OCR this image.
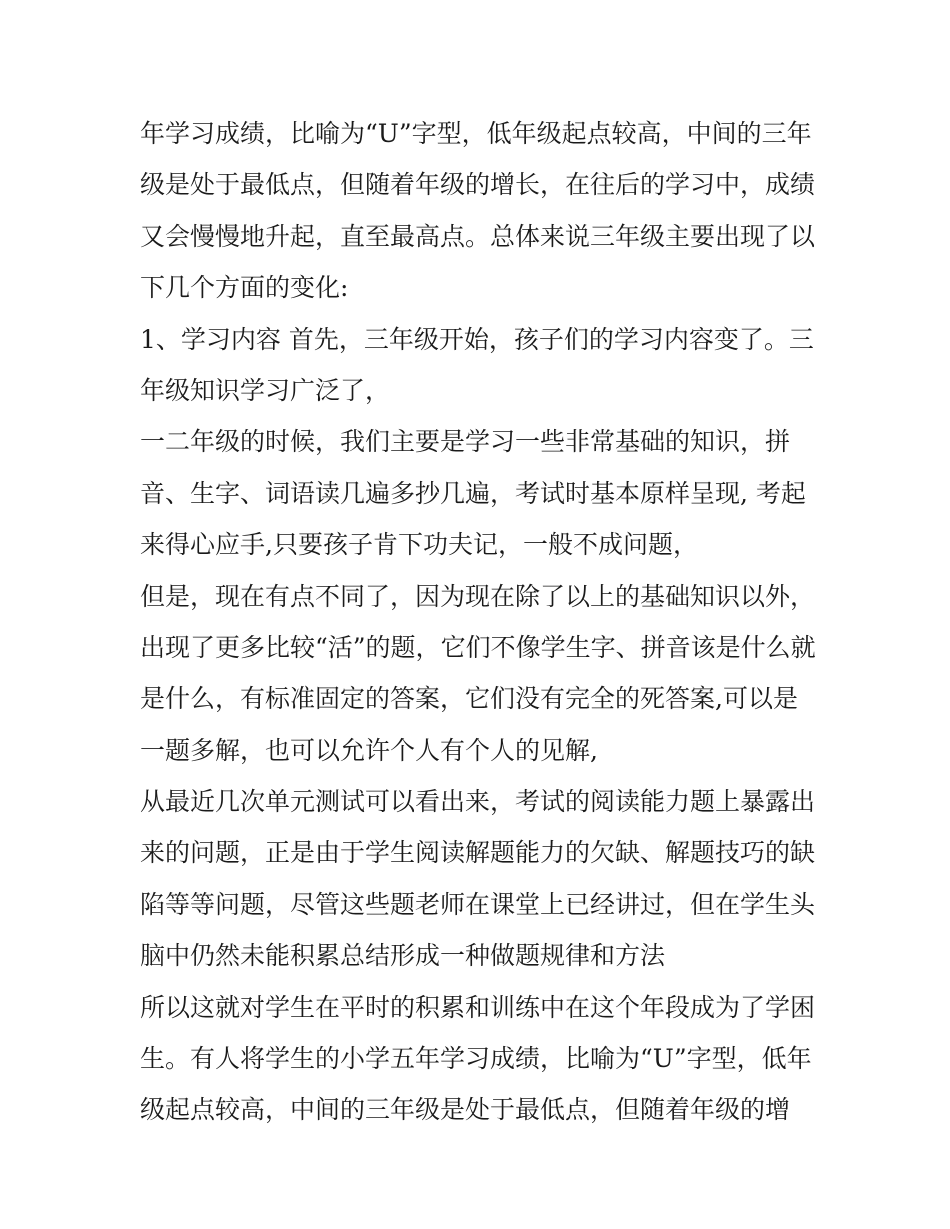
年学习成绩，比喻为“U”字型，低年级起点较高，中间的三年
级是处于最低点，但随着年级的增长，在往后的学习中，成绩
又会慢慢地升起，直至最高点。总体来说三年级主要出现了以
下几个方面的变化:
1、学习内容 首先，三年级开始，孩子们的学习内容变了。三
年级知识学习广泛了，
一二年级的时候，我们主要是学习一些非常基础的知识，拼
音、生字、词语读几遍多抄几遍，考试时基本原样呈现, 考起
来得心应手,只要孩子肯下功夫记，一般不成问题，
但是，现在有点不同了，因为现在除了以上的基础知识以外，
出现了更多比较“活”的题，它们不像学生字、拼音该是什么就
是什么，有标准固定的答案，它们没有完全的死答案,可以是
一题多解，也可以允许个人有个人的见解,
从最近几次单元测试可以看出来，考试的阅读能力题上暴露出
来的问题，正是由于学生阅读解题能力的欠缺、解题技巧的缺
陷等等问题，尽管这些题老师在课堂上已经讲过，但在学生头
脑中仍然未能积累总结形成一种做题规律和方法
所以这就对学生在平时的积累和训练中在这个年段成为了学困
生。有人将学生的小学五年学习成绩，比喻为“U”字型，低年
级起点较高，中间的三年级是处于最低点，但随着年级的增
